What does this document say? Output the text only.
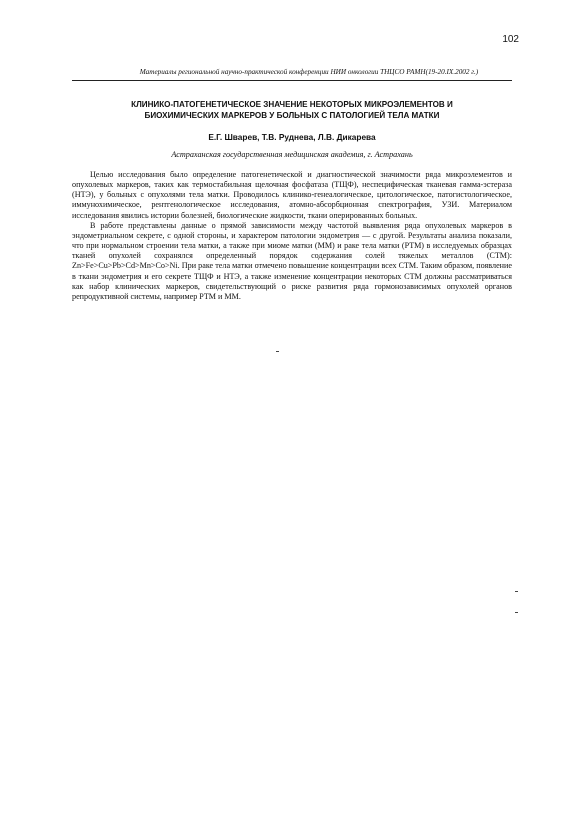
102
Материалы региональной научно-практической конференции НИИ онкологии ТНЦСО РАМН(19-20.IX.2002 г.)
КЛИНИКО-ПАТОГЕНЕТИЧЕСКОЕ ЗНАЧЕНИЕ НЕКОТОРЫХ МИКРОЭЛЕМЕНТОВ И
БИОХИМИЧЕСКИХ МАРКЕРОВ У БОЛЬНЫХ С ПАТОЛОГИЕЙ ТЕЛА МАТКИ

Е.Г. Шварев, Т.В. Руднева, Л.В. Дикарева

Астраханская государственная медицинская академия, г. Астрахань

Целью исследования было определение патогенетической и диагностической значимости ряда микроэлементов и опухолевых маркеров, таких как термостабильная щелочная фосфатаза (ТЩФ), неспецифическая тканевая гамма-эстераза (НТЭ), у больных с опухолями тела матки. Проводилось клинико-генеалогическое, цитологическое, патогистологическое, иммунохимическое, рентгенологическое исследования, атомно-абсорбционная спектрография, УЗИ. Материалом исследования явились истории болезней, биологические жидкости, ткани оперированных больных.

В работе представлены данные о прямой зависимости между частотой выявления ряда опухолевых маркеров в эндометриальном секрете, с одной стороны, и характером патологии эндометрия — с другой. Результаты анализа показали, что при нормальном строении тела матки, а также при миоме матки (ММ) и раке тела матки (РТМ) в исследуемых образцах тканей опухолей сохранялся определенный порядок содержания солей тяжелых металлов (СТМ): Zn>Fe>Cu>Pb>Cd>Mn>Co>Ni. При раке тела матки отмечено повышение концентрации всех СТМ. Таким образом, появление в ткани эндометрия и его секрете ТЩФ и НТЭ, а также изменение концентрации некоторых СТМ должны рассматриваться как набор клинических маркеров, свидетельствующий о риске развития ряда гормонозависимых опухолей органов репродуктивной системы, например РТМ и ММ.
